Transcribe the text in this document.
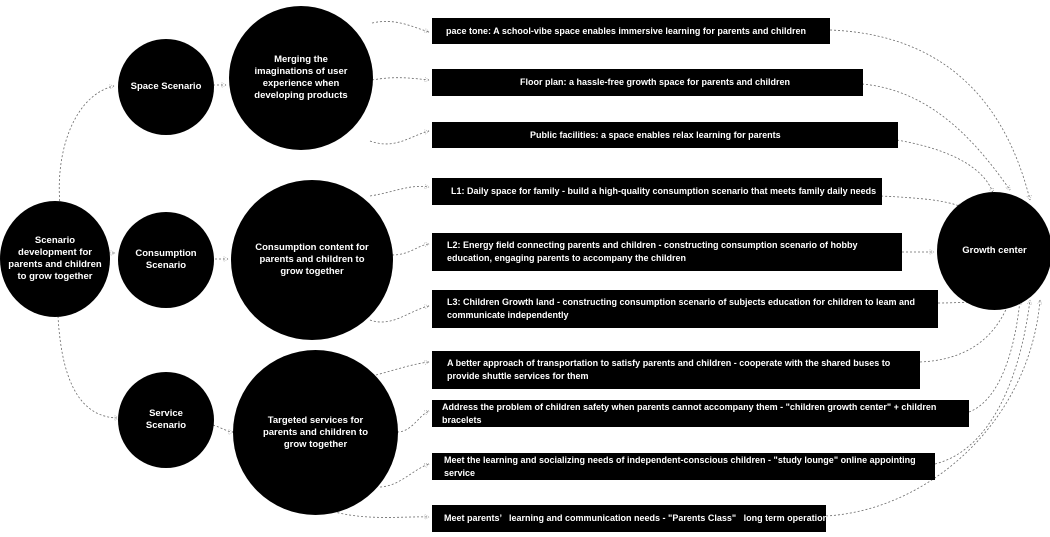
Scenario development for parents and children to grow together
Space Scenario
Consumption Scenario
Service Scenario
Merging the imaginations of user experience when developing products
Consumption content for parents and children to grow together
Targeted services for parents and children to grow together
pace tone: A school-vibe space enables immersive learning for parents and children
Floor plan: a hassle-free growth space for parents and children
Public facilities: a space enables relax learning for parents
L1: Daily space for family - build a high-quality consumption scenario that meets family daily needs
L2: Energy field connecting parents and children - constructing consumption scenario of hobby education, engaging parents to accompany the children
L3: Children Growth land - constructing consumption scenario of subjects education for children to leam and communicate independently
A better approach of transportation to satisfy parents and children - cooperate with the shared buses to provide shuttle services for them
Address the problem of children safety when parents cannot accompany them - "children growth center" + children bracelets
Meet the learning and socializing needs of independent-conscious children - "study lounge" online appointing service
Meet parents’   learning and communication needs - "Parents Class"   long term operation
Growth center
